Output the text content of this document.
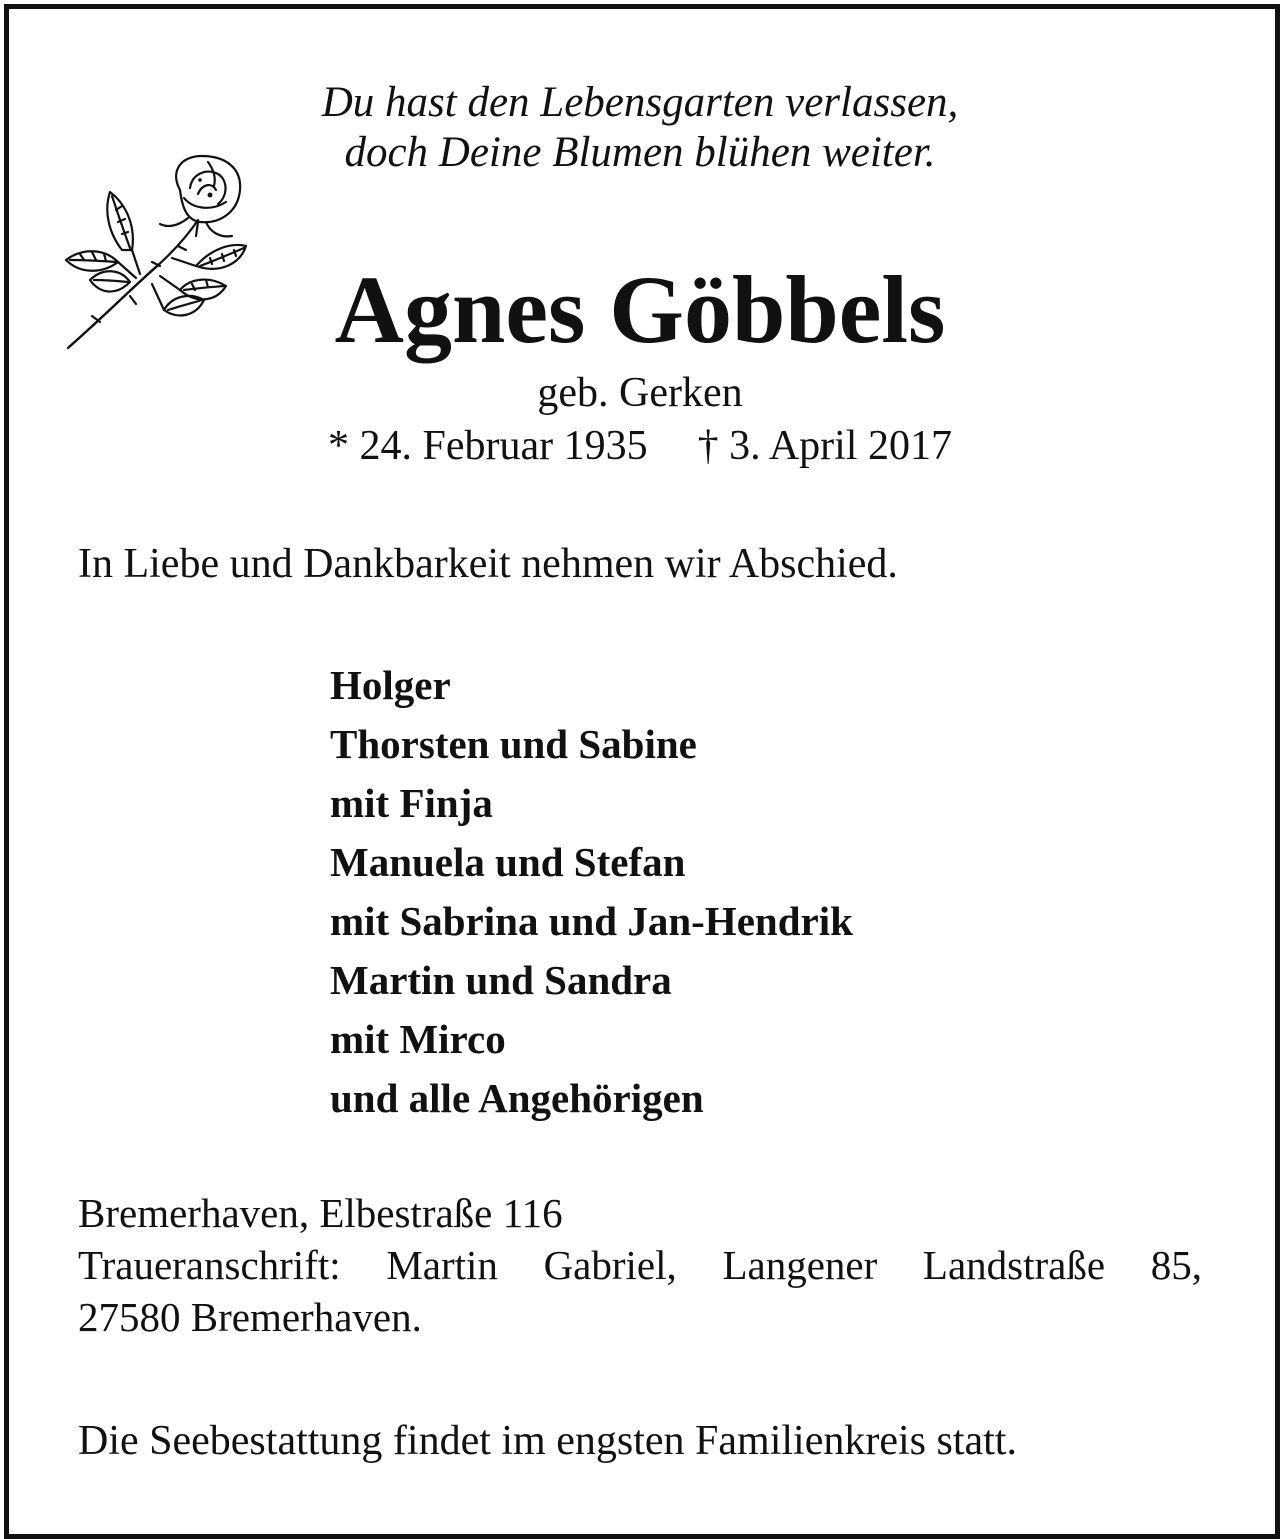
Du hast den Lebensgarten verlassen,
doch Deine Blumen blühen weiter.
Agnes Göbbels
geb. Gerken
* 24. Februar 1935 † 3. April 2017
In Liebe und Dankbarkeit nehmen wir Abschied.
Holger
Thorsten und Sabine
mit Finja
Manuela und Stefan
mit Sabrina und Jan-Hendrik
Martin und Sandra
mit Mirco
und alle Angehörigen
Bremerhaven, Elbestraße 116
Traueranschrift: Martin Gabriel, Langener Landstraße 85,
27580 Bremerhaven.
Die Seebestattung findet im engsten Familienkreis statt.
